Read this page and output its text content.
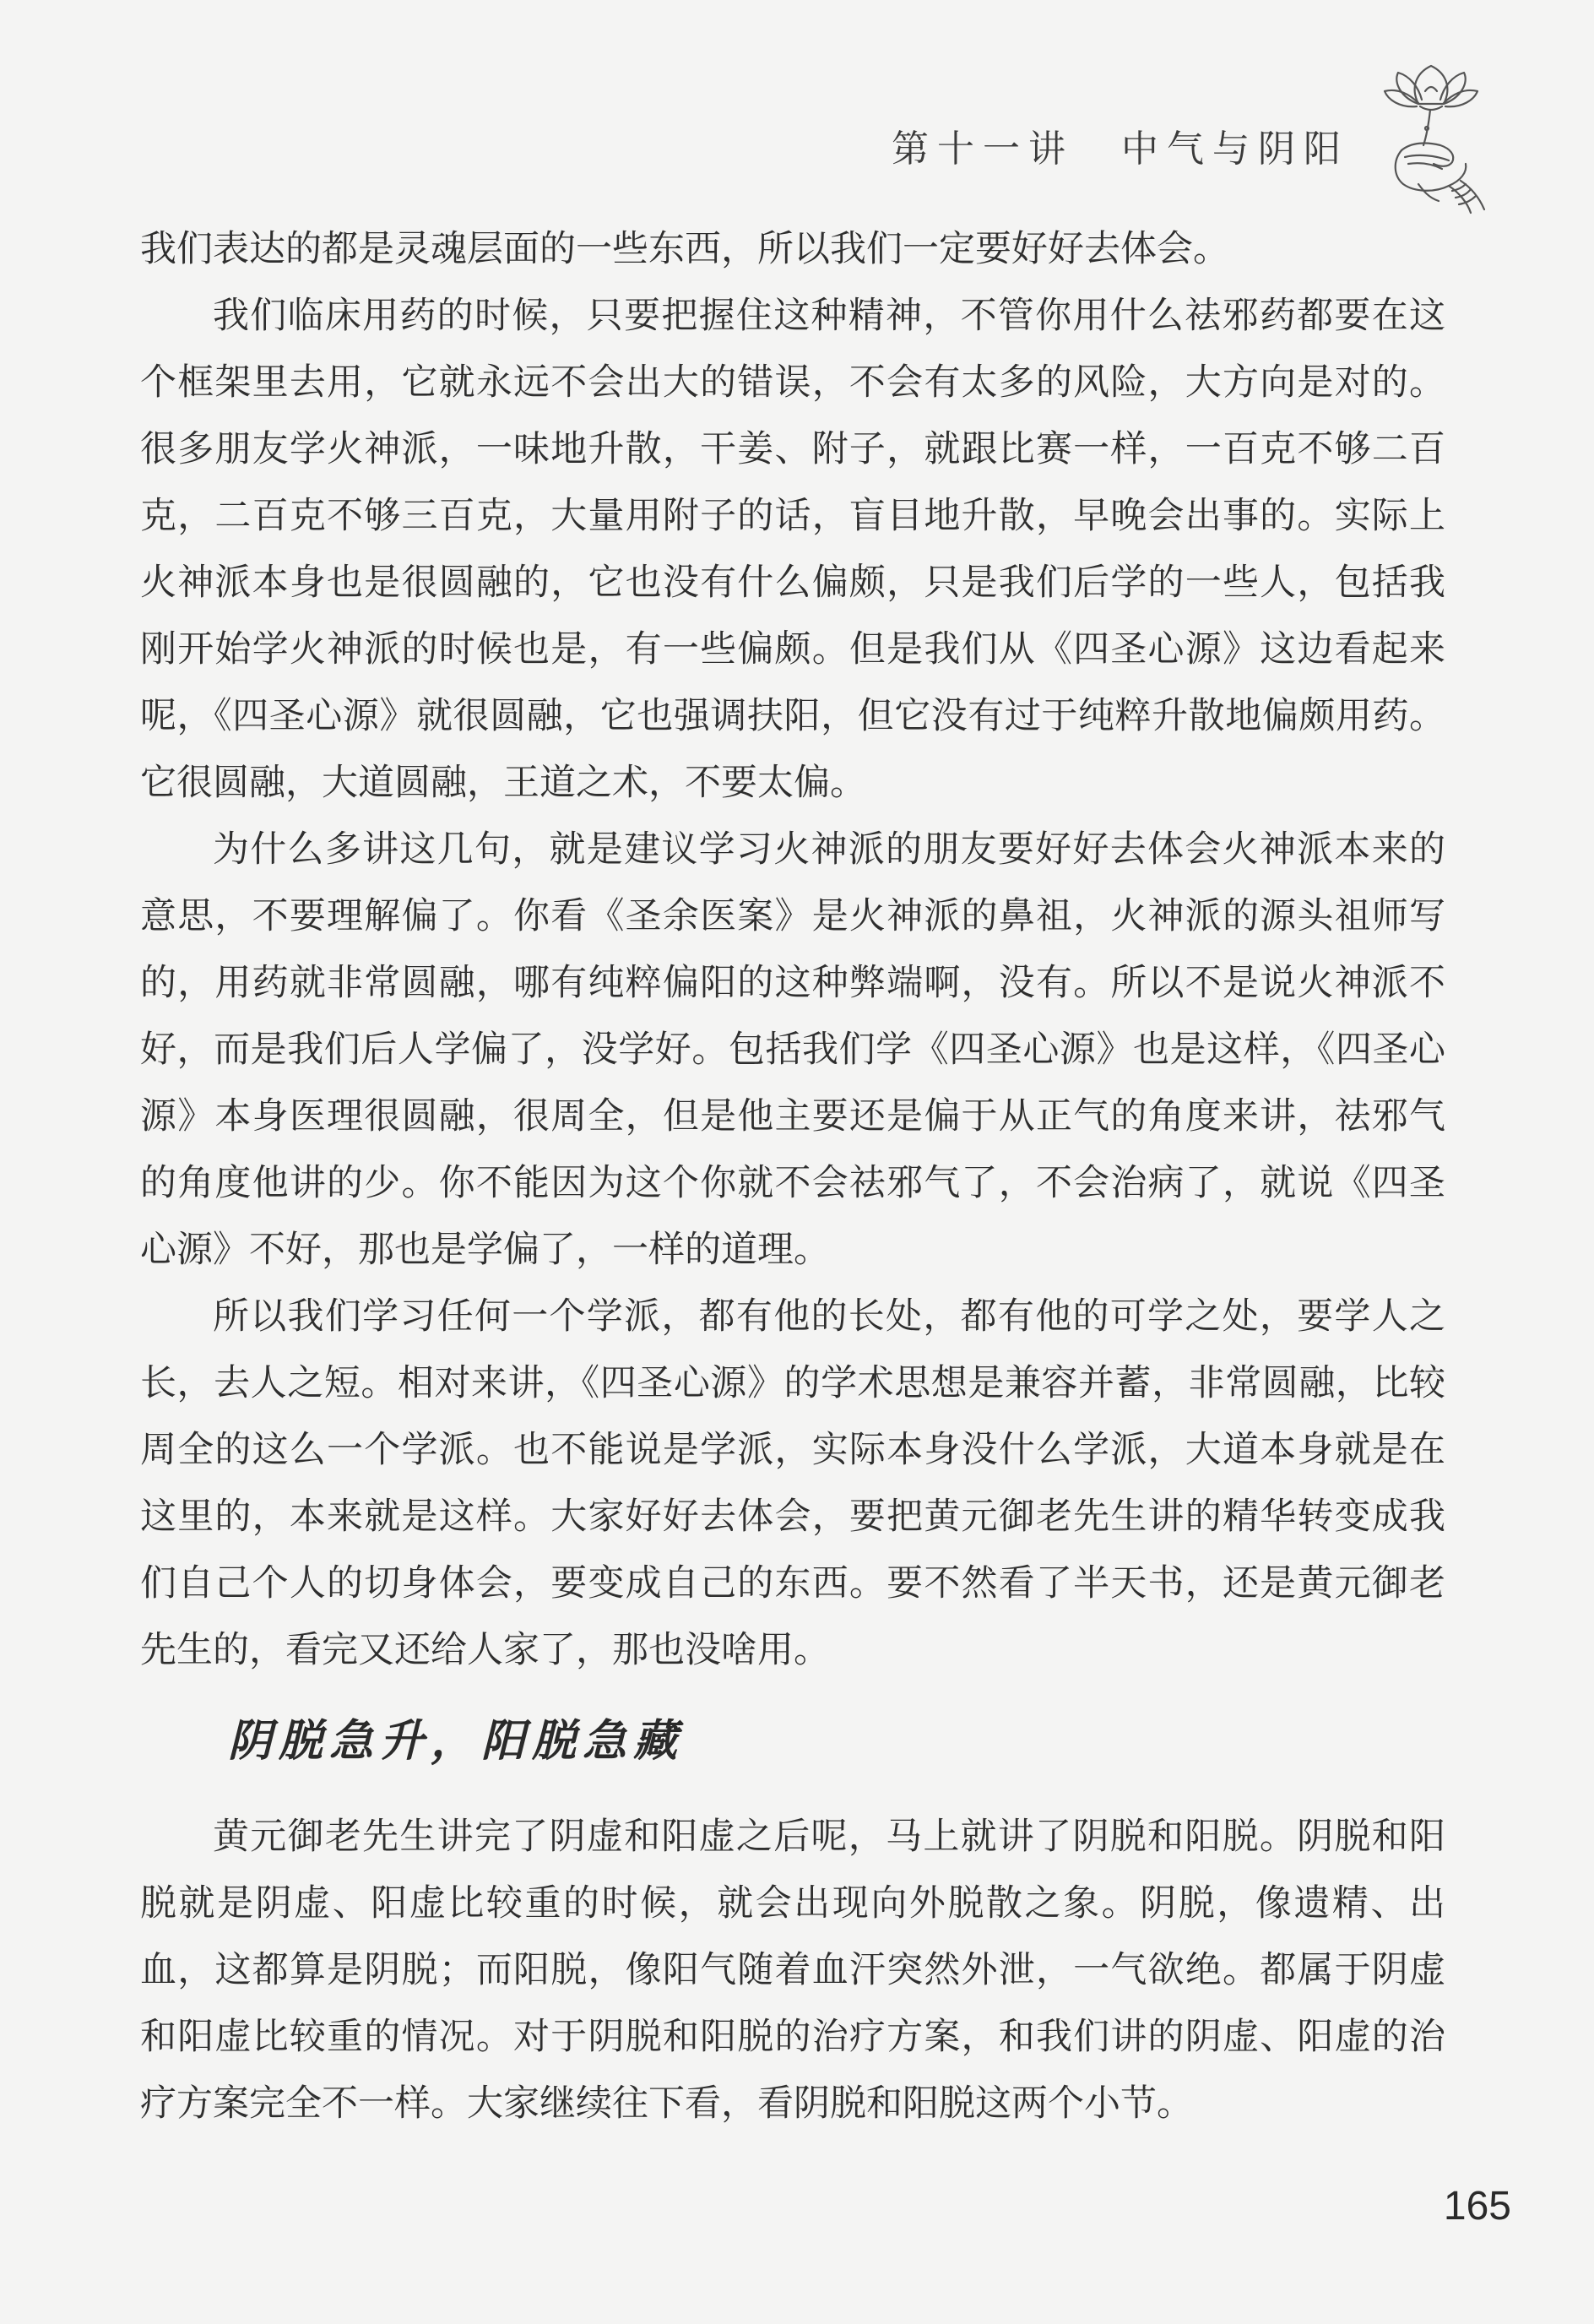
第十一讲 中气与阴阳

我们表达的都是灵魂层面的一些东西，所以我们一定要好好去体会。

我们临床用药的时候，只要把握住这种精神，不管你用什么祛邪药都要在这个框架里去用，它就永远不会出大的错误，不会有太多的风险，大方向是对的。很多朋友学火神派，一味地升散，干姜、附子，就跟比赛一样，一百克不够二百克，二百克不够三百克，大量用附子的话，盲目地升散，早晚会出事的。实际上火神派本身也是很圆融的，它也没有什么偏颇，只是我们后学的一些人，包括我刚开始学火神派的时候也是，有一些偏颇。但是我们从《四圣心源》这边看起来呢，《四圣心源》就很圆融，它也强调扶阳，但它没有过于纯粹升散地偏颇用药。它很圆融，大道圆融，王道之术，不要太偏。

为什么多讲这几句，就是建议学习火神派的朋友要好好去体会火神派本来的意思，不要理解偏了。你看《圣余医案》是火神派的鼻祖，火神派的源头祖师写的，用药就非常圆融，哪有纯粹偏阳的这种弊端啊，没有。所以不是说火神派不好，而是我们后人学偏了，没学好。包括我们学《四圣心源》也是这样，《四圣心源》本身医理很圆融，很周全，但是他主要还是偏于从正气的角度来讲，祛邪气的角度他讲的少。你不能因为这个你就不会祛邪气了，不会治病了，就说《四圣心源》不好，那也是学偏了，一样的道理。

所以我们学习任何一个学派，都有他的长处，都有他的可学之处，要学人之长，去人之短。相对来讲，《四圣心源》的学术思想是兼容并蓄，非常圆融，比较周全的这么一个学派。也不能说是学派，实际本身没什么学派，大道本身就是在这里的，本来就是这样。大家好好去体会，要把黄元御老先生讲的精华转变成我们自己个人的切身体会，要变成自己的东西。要不然看了半天书，还是黄元御老先生的，看完又还给人家了，那也没啥用。

阴脱急升，阳脱急藏

黄元御老先生讲完了阴虚和阳虚之后呢，马上就讲了阴脱和阳脱。阴脱和阳脱就是阴虚、阳虚比较重的时候，就会出现向外脱散之象。阴脱，像遗精、出血，这都算是阴脱；而阳脱，像阳气随着血汗突然外泄，一气欲绝。都属于阴虚和阳虚比较重的情况。对于阴脱和阳脱的治疗方案，和我们讲的阴虚、阳虚的治疗方案完全不一样。大家继续往下看，看阴脱和阳脱这两个小节。

165
